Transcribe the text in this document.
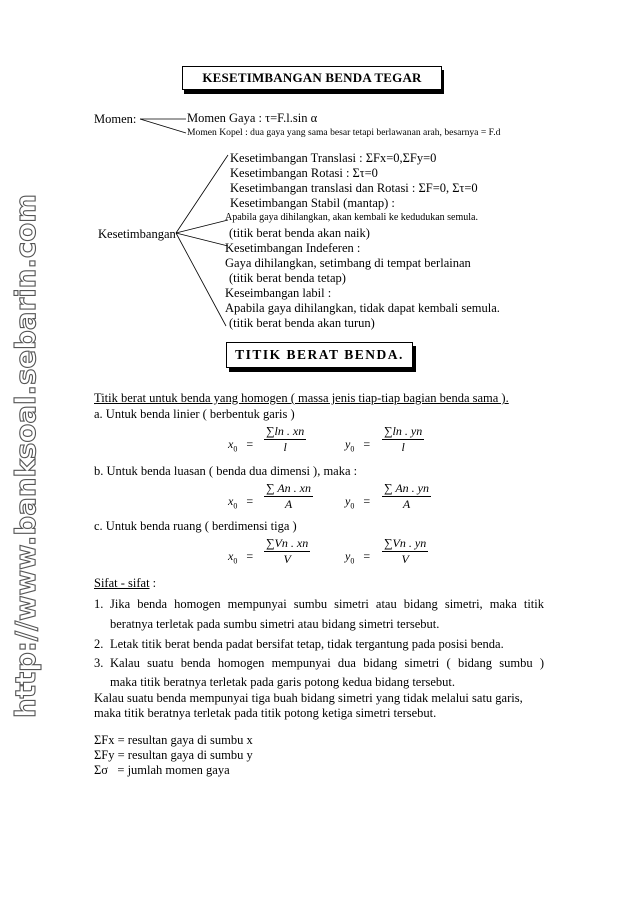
http://www.banksoal.sebarin.com
KESETIMBANGAN BENDA TEGAR
Momen:	Momen Gaya : τ=F.l.sin α
Momen Kopel : dua gaya yang sama besar tetapi berlawanan arah, besarnya = F.d
Kesetimbangan
Kesetimbangan Translasi : ΣFx=0,ΣFy=0
Kesetimbangan Rotasi : Στ=0
Kesetimbangan translasi dan Rotasi : ΣF=0, Στ=0
Kesetimbangan Stabil (mantap) :
Apabila gaya dihilangkan, akan kembali ke kedudukan semula.
(titik berat benda akan naik)
Kesetimbangan Indeferen :
Gaya dihilangkan, setimbang di tempat berlainan
(titik berat benda tetap)
Keseimbangan labil :
Apabila gaya dihilangkan, tidak dapat kembali semula.
(titik berat benda akan turun)
TITIK BERAT BENDA.
Titik berat untuk benda yang homogen ( massa jenis tiap-tiap bagian benda sama ).
a. Untuk benda linier ( berbentuk garis )
$x_0 = \frac{\sum\ln . xn}{l}$	$y_0 = \frac{\sum\ln . yn}{l}$
b. Untuk benda luasan ( benda dua dimensi ), maka :
$x_0 = \frac{\sum An . xn}{A}$	$y_0 = \frac{\sum An . yn}{A}$
c. Untuk benda ruang ( berdimensi tiga )
$x_0 = \frac{\sum Vn . xn}{V}$	$y_0 = \frac{\sum Vn . yn}{V}$
Sifat - sifat :
1. Jika benda homogen mempunyai sumbu simetri atau bidang simetri, maka titik
beratnya terletak pada sumbu simetri atau bidang simetri tersebut.
2. Letak titik berat benda padat bersifat tetap, tidak tergantung pada posisi benda.
3. Kalau suatu benda homogen mempunyai dua bidang simetri ( bidang sumbu )
maka titik beratnya terletak pada garis potong kedua bidang tersebut.
Kalau suatu benda mempunyai tiga buah bidang simetri yang tidak melalui satu garis,
maka titik beratnya terletak pada titik potong ketiga simetri tersebut.
ΣFx = resultan gaya di sumbu x
ΣFy = resultan gaya di sumbu y
Σσ   = jumlah momen gaya
